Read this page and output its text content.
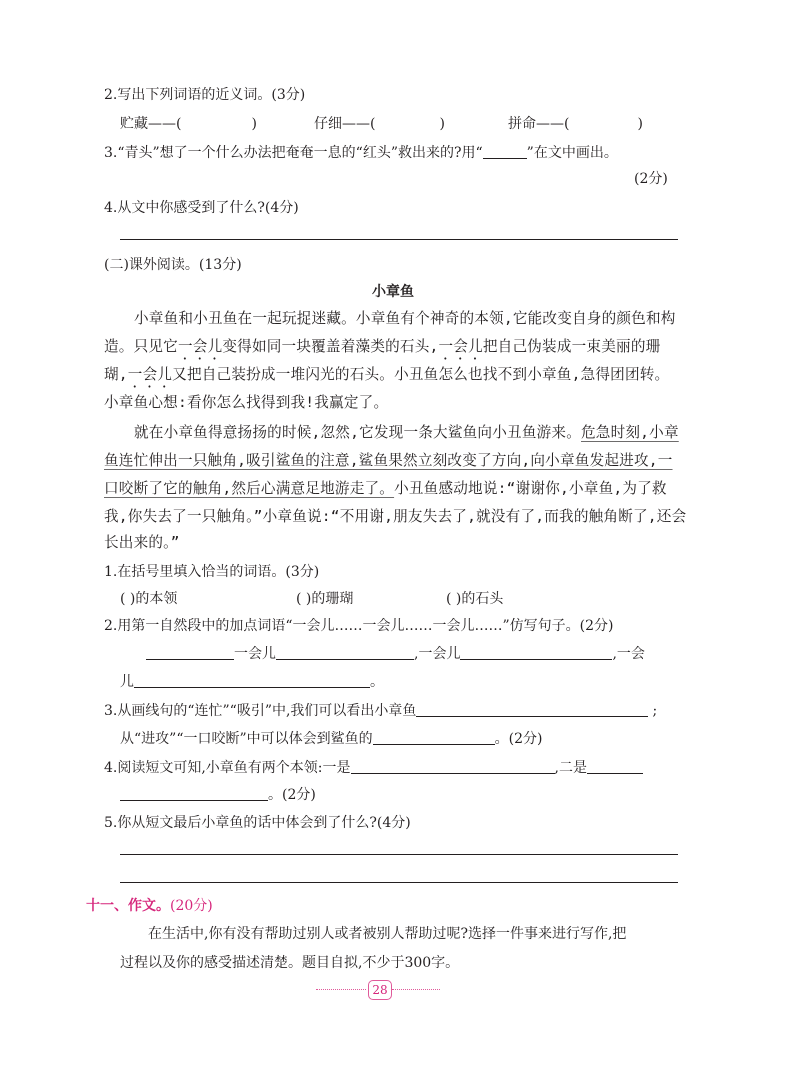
2.写出下列词语的近义词。(3分)
贮藏——(	)	仔细——(	)	拼命——(	)
3.“青头”想了一个什么办法把奄奄一息的“红头”救出来的?用“	”在文中画出。
(2分)
4.从文中你感受到了什么?(4分)
(二)课外阅读。(13分)
小章鱼
小章鱼和小丑鱼在一起玩捉迷藏。小章鱼有个神奇的本领,它能改变自身的颜色和构
造。只见它一会儿变得如同一块覆盖着藻类的石头,一会儿把自己伪装成一束美丽的珊
瑚,一会儿又把自己装扮成一堆闪光的石头。小丑鱼怎么也找不到小章鱼,急得团团转。
小章鱼心想:看你怎么找得到我!我赢定了。
就在小章鱼得意扬扬的时候,忽然,它发现一条大鲨鱼向小丑鱼游来。危急时刻,小章
鱼连忙伸出一只触角,吸引鲨鱼的注意,鲨鱼果然立刻改变了方向,向小章鱼发起进攻,一
口咬断了它的触角,然后心满意足地游走了。小丑鱼感动地说:“谢谢你,小章鱼,为了救
我,你失去了一只触角。”小章鱼说:“不用谢,朋友失去了,就没有了,而我的触角断了,还会
长出来的。”
1.在括号里填入恰当的词语。(3分)
( )的本领	( )的珊瑚	( )的石头
2.用第一自然段中的加点词语“一会儿……一会儿……一会儿……”仿写句子。(2分)
一会儿	,一会儿	,一会
儿	。
3.从画线句的“连忙”“吸引”中,我们可以看出小章鱼	;
从“进攻”“一口咬断”中可以体会到鲨鱼的	。(2分)
4.阅读短文可知,小章鱼有两个本领:一是	,二是
。(2分)
5.你从短文最后小章鱼的话中体会到了什么?(4分)
十一、作文。(20分)
在生活中,你有没有帮助过别人或者被别人帮助过呢?选择一件事来进行写作,把
过程以及你的感受描述清楚。题目自拟,不少于300字。
28
